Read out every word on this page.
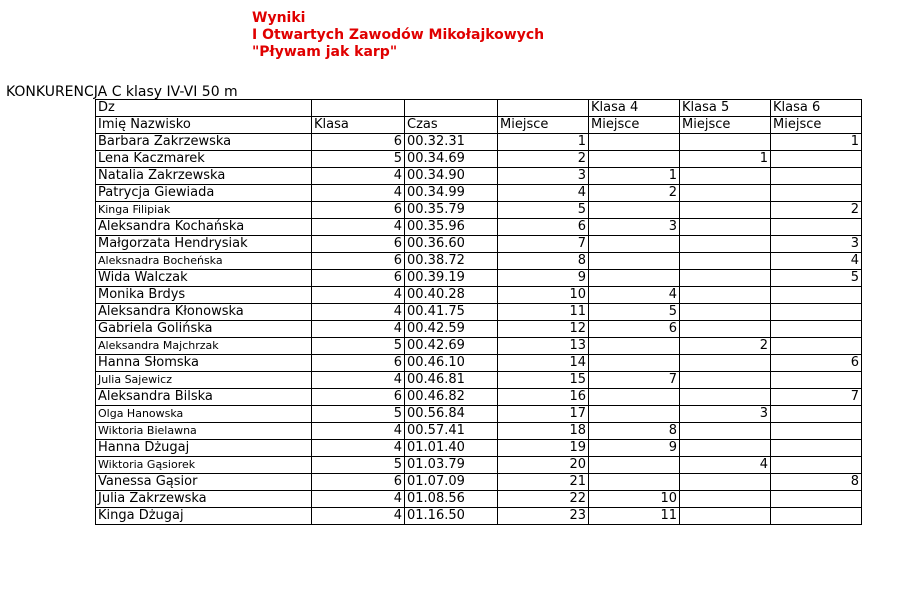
Wyniki
I Otwartych Zawodów Mikołajkowych
"Pływam jak karp"
KONKURENCJA C klasy IV-VI 50 m
Dz				Klasa 4	Klasa 5	Klasa 6
Imię Nazwisko	Klasa	Czas	Miejsce	Miejsce	Miejsce	Miejsce
Barbara Zakrzewska	6	00.32.31	1			1
Lena Kaczmarek	5	00.34.69	2		1	
Natalia Zakrzewska	4	00.34.90	3	1		
Patrycja Giewiada	4	00.34.99	4	2		
Kinga Filipiak	6	00.35.79	5			2
Aleksandra Kochańska	4	00.35.96	6	3		
Małgorzata Hendrysiak	6	00.36.60	7			3
Aleksnadra Bocheńska	6	00.38.72	8			4
Wida Walczak	6	00.39.19	9			5
Monika Brdys	4	00.40.28	10	4		
Aleksandra Kłonowska	4	00.41.75	11	5		
Gabriela Golińska	4	00.42.59	12	6		
Aleksandra Majchrzak	5	00.42.69	13		2	
Hanna Słomska	6	00.46.10	14			6
Julia Sajewicz	4	00.46.81	15	7		
Aleksandra Bilska	6	00.46.82	16			7
Olga Hanowska	5	00.56.84	17		3	
Wiktoria Bielawna	4	00.57.41	18	8		
Hanna Dżugaj	4	01.01.40	19	9		
Wiktoria Gąsiorek	5	01.03.79	20		4	
Vanessa Gąsior	6	01.07.09	21			8
Julia Zakrzewska	4	01.08.56	22	10		
Kinga Dżugaj	4	01.16.50	23	11		
